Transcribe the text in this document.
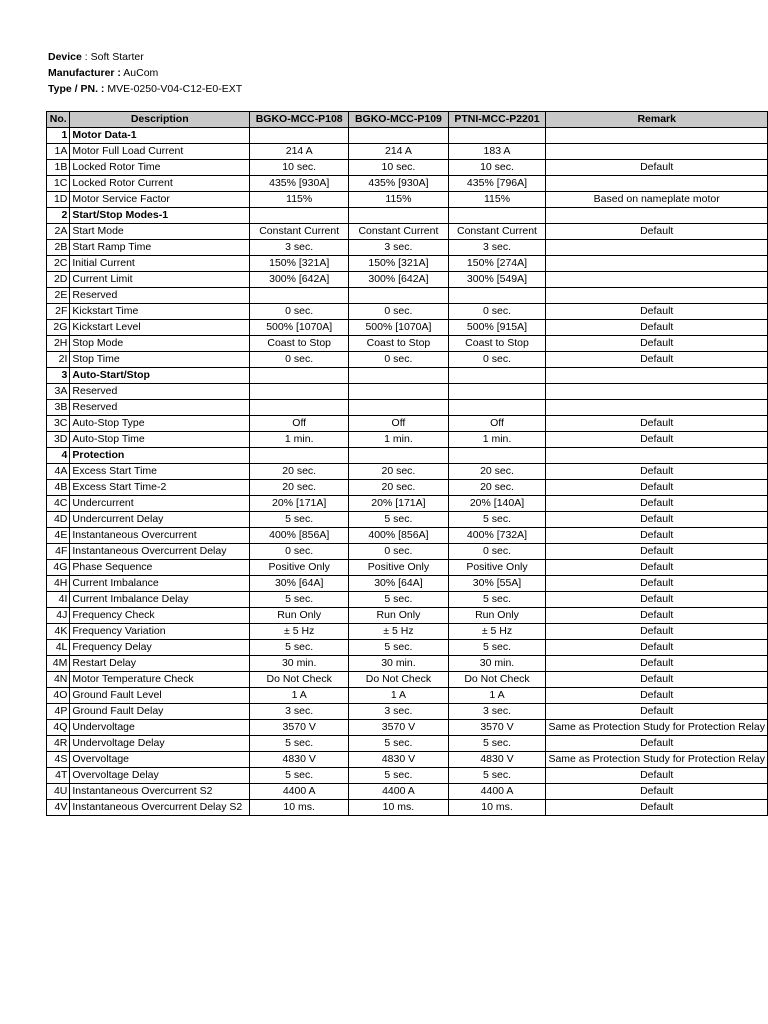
Device : Soft Starter
Manufacturer : AuCom
Type / PN. : MVE-0250-V04-C12-E0-EXT
No.	Description	BGKO-MCC-P108	BGKO-MCC-P109	PTNI-MCC-P2201	Remark
1	Motor Data-1				
1A	Motor Full Load Current	214 A	214 A	183 A	
1B	Locked Rotor Time	10 sec.	10 sec.	10 sec.	Default
1C	Locked Rotor Current	435% [930A]	435% [930A]	435% [796A]	
1D	Motor Service Factor	115%	115%	115%	Based on nameplate motor
2	Start/Stop Modes-1				
2A	Start Mode	Constant Current	Constant Current	Constant Current	Default
2B	Start Ramp Time	3 sec.	3 sec.	3 sec.	
2C	Initial Current	150% [321A]	150% [321A]	150% [274A]	
2D	Current Limit	300% [642A]	300% [642A]	300% [549A]	
2E	Reserved				
2F	Kickstart Time	0 sec.	0 sec.	0 sec.	Default
2G	Kickstart Level	500% [1070A]	500% [1070A]	500% [915A]	Default
2H	Stop Mode	Coast to Stop	Coast to Stop	Coast to Stop	Default
2I	Stop Time	0 sec.	0 sec.	0 sec.	Default
3	Auto-Start/Stop				
3A	Reserved				
3B	Reserved				
3C	Auto-Stop Type	Off	Off	Off	Default
3D	Auto-Stop Time	1 min.	1 min.	1 min.	Default
4	Protection				
4A	Excess Start Time	20 sec.	20 sec.	20 sec.	Default
4B	Excess Start Time-2	20 sec.	20 sec.	20 sec.	Default
4C	Undercurrent	20% [171A]	20% [171A]	20% [140A]	Default
4D	Undercurrent Delay	5 sec.	5 sec.	5 sec.	Default
4E	Instantaneous Overcurrent	400% [856A]	400% [856A]	400% [732A]	Default
4F	Instantaneous Overcurrent Delay	0 sec.	0 sec.	0 sec.	Default
4G	Phase Sequence	Positive Only	Positive Only	Positive Only	Default
4H	Current Imbalance	30% [64A]	30% [64A]	30% [55A]	Default
4I	Current Imbalance Delay	5 sec.	5 sec.	5 sec.	Default
4J	Frequency Check	Run Only	Run Only	Run Only	Default
4K	Frequency Variation	± 5 Hz	± 5 Hz	± 5 Hz	Default
4L	Frequency Delay	5 sec.	5 sec.	5 sec.	Default
4M	Restart Delay	30 min.	30 min.	30 min.	Default
4N	Motor Temperature Check	Do Not Check	Do Not Check	Do Not Check	Default
4O	Ground Fault Level	1 A	1 A	1 A	Default
4P	Ground Fault Delay	3 sec.	3 sec.	3 sec.	Default
4Q	Undervoltage	3570 V	3570 V	3570 V	Same as Protection Study for Protection Relay
4R	Undervoltage Delay	5 sec.	5 sec.	5 sec.	Default
4S	Overvoltage	4830 V	4830 V	4830 V	Same as Protection Study for Protection Relay
4T	Overvoltage Delay	5 sec.	5 sec.	5 sec.	Default
4U	Instantaneous Overcurrent S2	4400 A	4400 A	4400 A	Default
4V	Instantaneous Overcurrent Delay S2	10 ms.	10 ms.	10 ms.	Default
